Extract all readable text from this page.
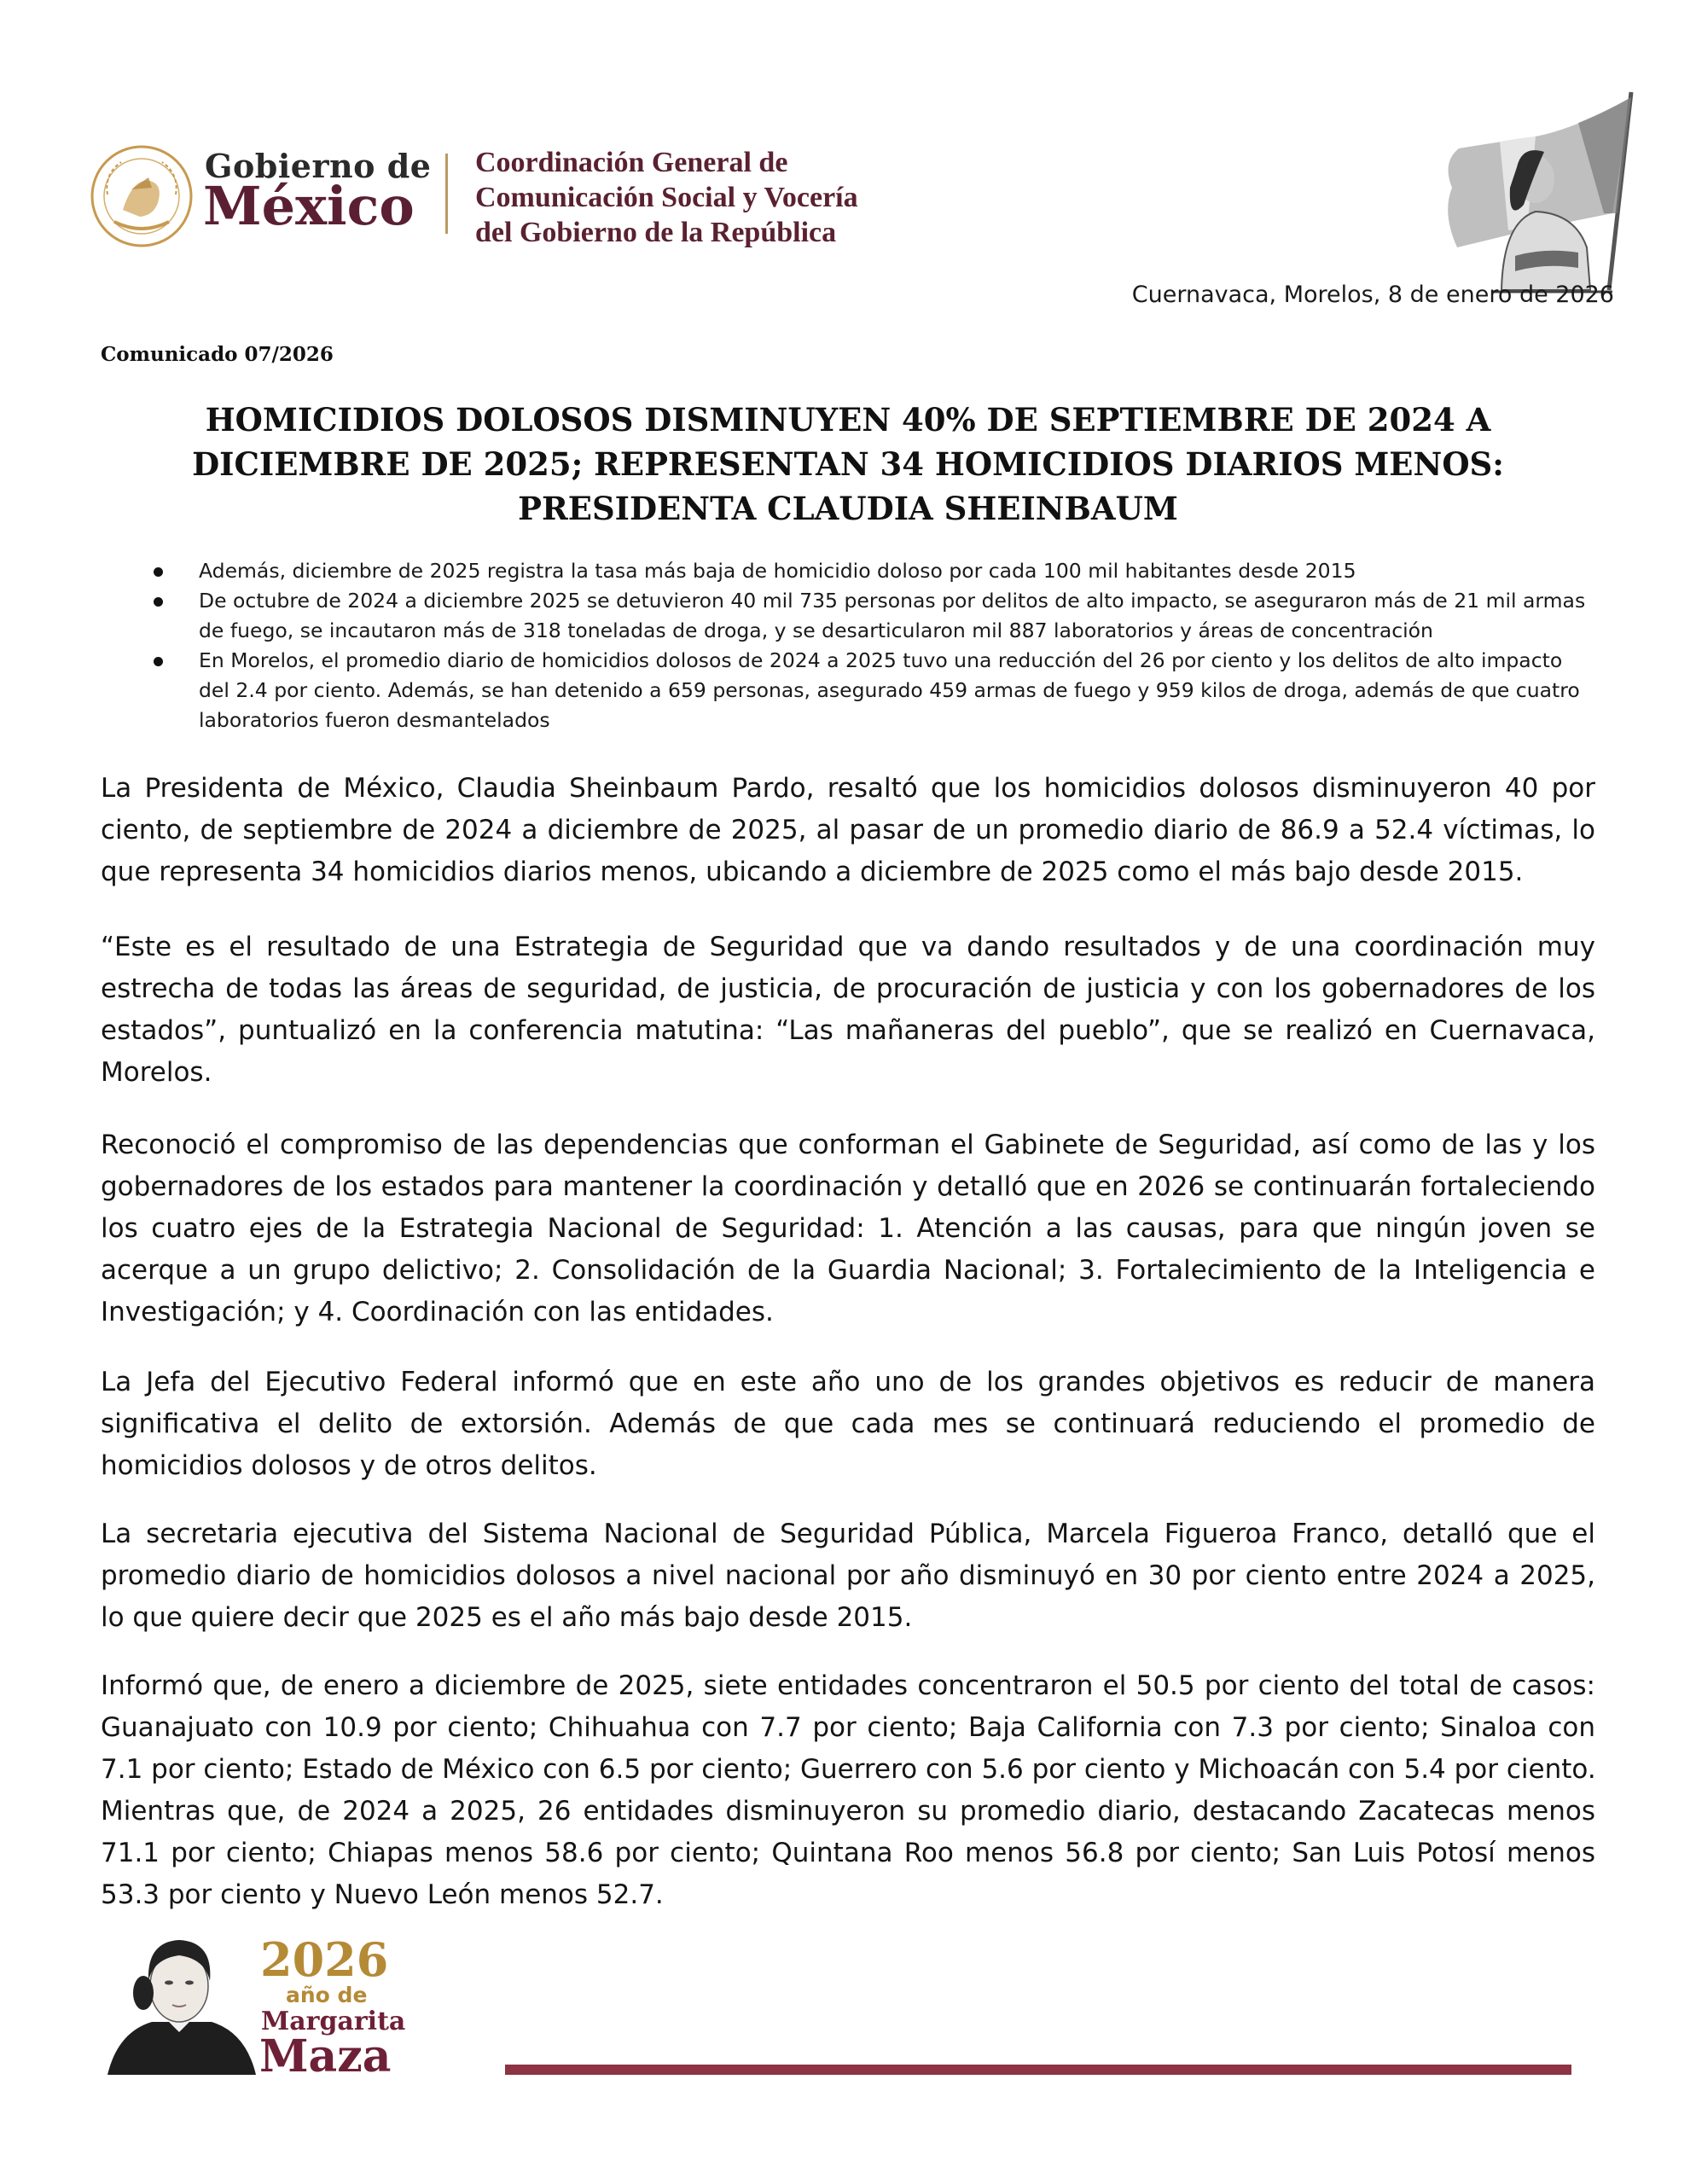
Gobierno de
México
Coordinación General de
Comunicación Social y Vocería
del Gobierno de la República
Cuernavaca, Morelos, 8 de enero de 2026
Comunicado 07/2026
HOMICIDIOS DOLOSOS DISMINUYEN 40% DE SEPTIEMBRE DE 2024 A
DICIEMBRE DE 2025; REPRESENTAN 34 HOMICIDIOS DIARIOS MENOS:
PRESIDENTA CLAUDIA SHEINBAUM
Además, diciembre de 2025 registra la tasa más baja de homicidio doloso por cada 100 mil habitantes desde 2015
De octubre de 2024 a diciembre 2025 se detuvieron 40 mil 735 personas por delitos de alto impacto, se aseguraron más de 21 mil armas
de fuego, se incautaron más de 318 toneladas de droga, y se desarticularon mil 887 laboratorios y áreas de concentración
En Morelos, el promedio diario de homicidios dolosos de 2024 a 2025 tuvo una reducción del 26 por ciento y los delitos de alto impacto
del 2.4 por ciento. Además, se han detenido a 659 personas, asegurado 459 armas de fuego y 959 kilos de droga, además de que cuatro
laboratorios fueron desmantelados
La Presidenta de México, Claudia Sheinbaum Pardo, resaltó que los homicidios dolosos disminuyeron 40 por
ciento, de septiembre de 2024 a diciembre de 2025, al pasar de un promedio diario de 86.9 a 52.4 víctimas, lo
que representa 34 homicidios diarios menos, ubicando a diciembre de 2025 como el más bajo desde 2015.
“Este es el resultado de una Estrategia de Seguridad que va dando resultados y de una coordinación muy
estrecha de todas las áreas de seguridad, de justicia, de procuración de justicia y con los gobernadores de los
estados”, puntualizó en la conferencia matutina: “Las mañaneras del pueblo”, que se realizó en Cuernavaca,
Morelos.
Reconoció el compromiso de las dependencias que conforman el Gabinete de Seguridad, así como de las y los
gobernadores de los estados para mantener la coordinación y detalló que en 2026 se continuarán fortaleciendo
los cuatro ejes de la Estrategia Nacional de Seguridad: 1. Atención a las causas, para que ningún joven se
acerque a un grupo delictivo; 2. Consolidación de la Guardia Nacional; 3. Fortalecimiento de la Inteligencia e
Investigación; y 4. Coordinación con las entidades.
La Jefa del Ejecutivo Federal informó que en este año uno de los grandes objetivos es reducir de manera
significativa el delito de extorsión. Además de que cada mes se continuará reduciendo el promedio de
homicidios dolosos y de otros delitos.
La secretaria ejecutiva del Sistema Nacional de Seguridad Pública, Marcela Figueroa Franco, detalló que el
promedio diario de homicidios dolosos a nivel nacional por año disminuyó en 30 por ciento entre 2024 a 2025,
lo que quiere decir que 2025 es el año más bajo desde 2015.
Informó que, de enero a diciembre de 2025, siete entidades concentraron el 50.5 por ciento del total de casos:
Guanajuato con 10.9 por ciento; Chihuahua con 7.7 por ciento; Baja California con 7.3 por ciento; Sinaloa con
7.1 por ciento; Estado de México con 6.5 por ciento; Guerrero con 5.6 por ciento y Michoacán con 5.4 por ciento.
Mientras que, de 2024 a 2025, 26 entidades disminuyeron su promedio diario, destacando Zacatecas menos
71.1 por ciento; Chiapas menos 58.6 por ciento; Quintana Roo menos 56.8 por ciento; San Luis Potosí menos
53.3 por ciento y Nuevo León menos 52.7.
2026
año de
Margarita
Maza
